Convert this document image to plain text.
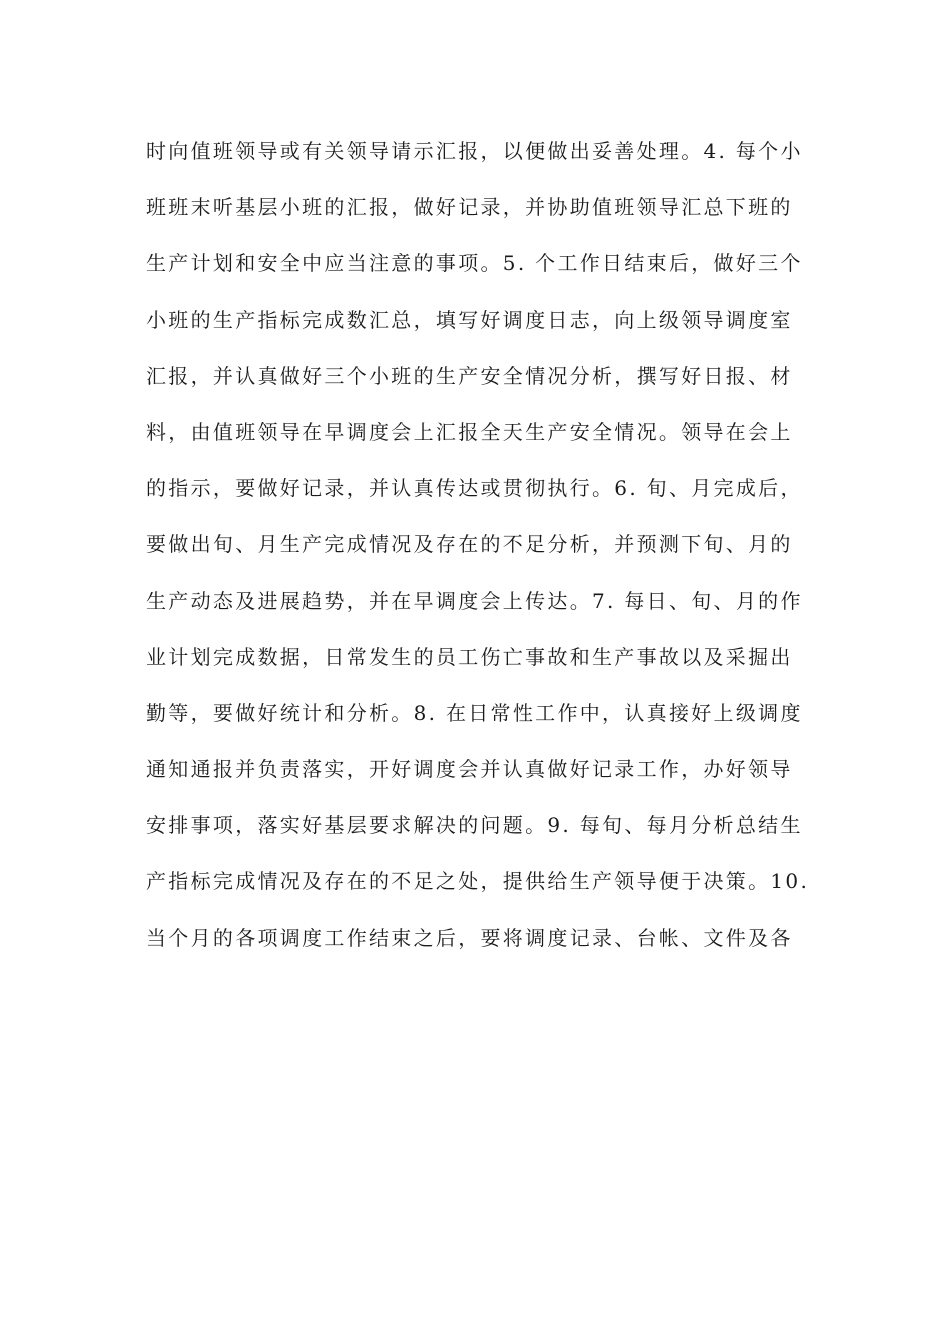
时向值班领导或有关领导请示汇报，以便做出妥善处理。4. 每个小
班班末听基层小班的汇报，做好记录，并协助值班领导汇总下班的
生产计划和安全中应当注意的事项。5. 个工作日结束后，做好三个
小班的生产指标完成数汇总，填写好调度日志，向上级领导调度室
汇报，并认真做好三个小班的生产安全情况分析，撰写好日报、材
料，由值班领导在早调度会上汇报全天生产安全情况。领导在会上
的指示，要做好记录，并认真传达或贯彻执行。6. 旬、月完成后，
要做出旬、月生产完成情况及存在的不足分析，并预测下旬、月的
生产动态及进展趋势，并在早调度会上传达。7. 每日、旬、月的作
业计划完成数据，日常发生的员工伤亡事故和生产事故以及采掘出
勤等，要做好统计和分析。8. 在日常性工作中，认真接好上级调度
通知通报并负责落实，开好调度会并认真做好记录工作，办好领导
安排事项，落实好基层要求解决的问题。9. 每旬、每月分析总结生
产指标完成情况及存在的不足之处，提供给生产领导便于决策。10.
当个月的各项调度工作结束之后，要将调度记录、台帐、文件及各
